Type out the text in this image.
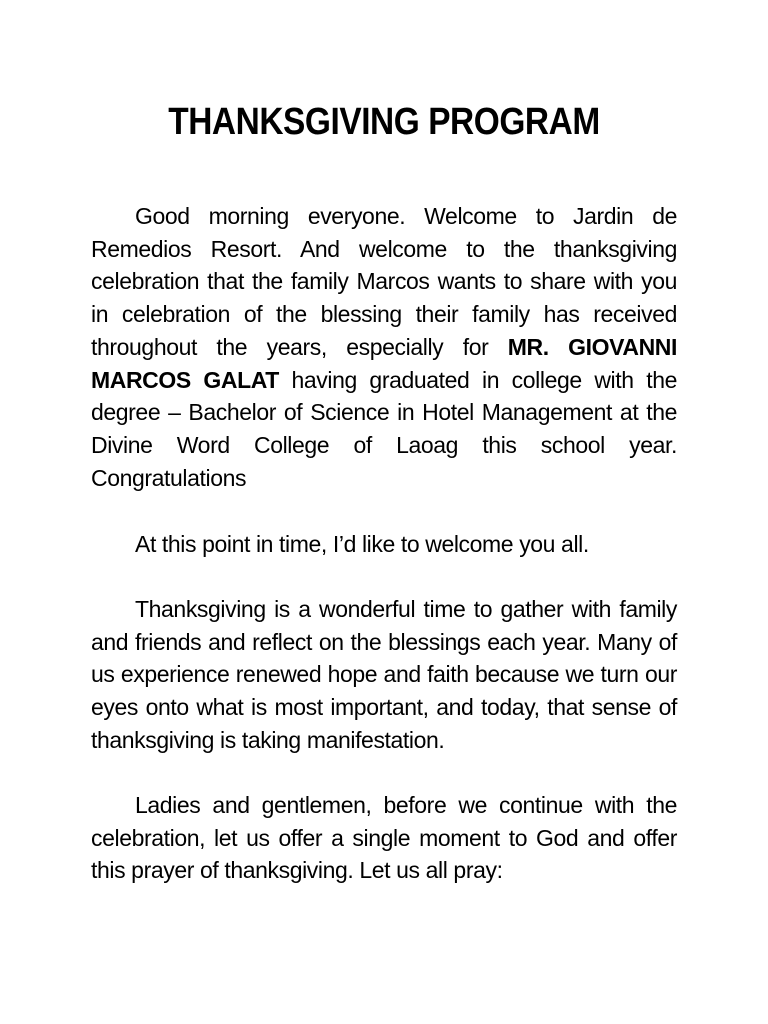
THANKSGIVING PROGRAM

Good morning everyone. Welcome to Jardin de Remedios Resort. And welcome to the thanksgiving celebration that the family Marcos wants to share with you in celebration of the blessing their family has received throughout the years, especially for MR. GIOVANNI MARCOS GALAT having graduated in college with the degree – Bachelor of Science in Hotel Management at the Divine Word College of Laoag this school year. Congratulations

At this point in time, I’d like to welcome you all.

Thanksgiving is a wonderful time to gather with family and friends and reflect on the blessings each year. Many of us experience renewed hope and faith because we turn our eyes onto what is most important, and today, that sense of thanksgiving is taking manifestation.

Ladies and gentlemen, before we continue with the celebration, let us offer a single moment to God and offer this prayer of thanksgiving. Let us all pray:
